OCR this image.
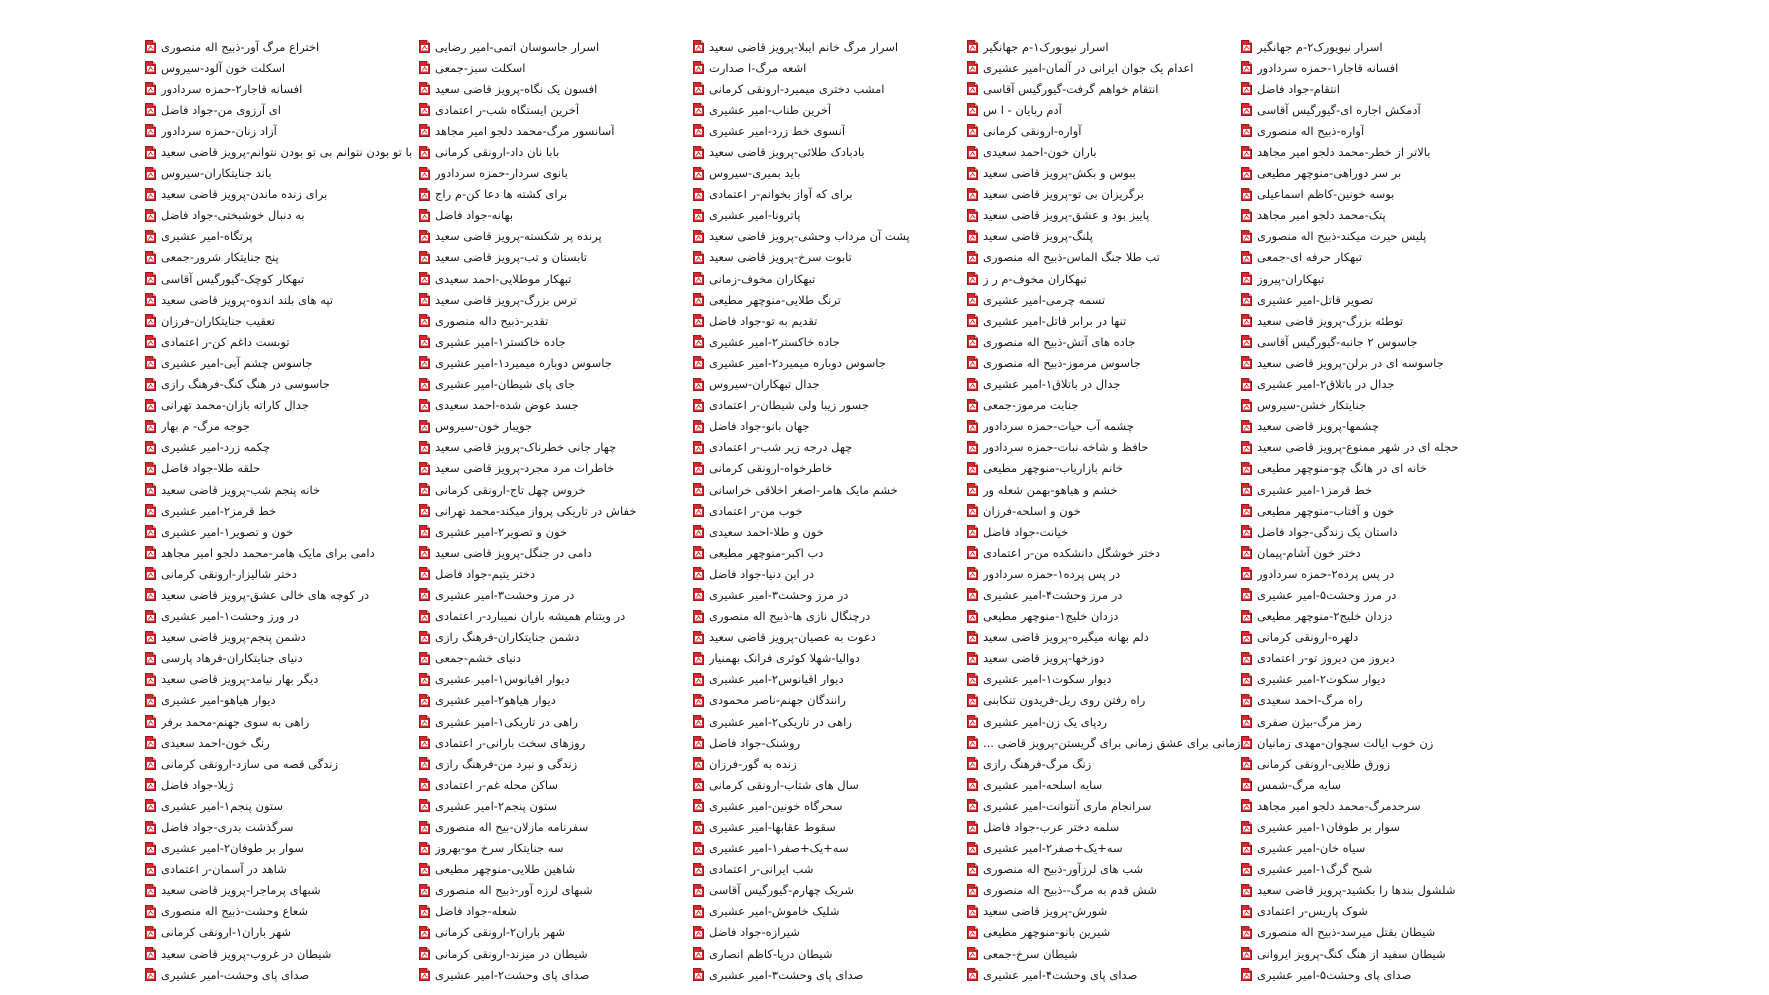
اختراع مرگ آور-ذبیح اله منصوری
اسکلت خون آلود-سیروس
افسانه قاجار۲-حمزه سردادور
ای آرزوی من-جواد فاضل
آزاد زنان-حمزه سردادور
با تو بودن نتوانم بی تو بودن نتوانم-پرویز قاضی سعید
باند جنایتکاران-سیروس
برای زنده ماندن-پرویز قاضی سعید
به دنبال خوشبختی-جواد فاضل
پرتگاه-امیر عشیری
پنج جنایتکار شرور-جمعی
تبهکار کوچک-گیورگیس آقاسی
تپه های بلند اندوه-پرویز قاضی سعید
تعقیب جنایتکاران-فرزان
توبست داغم کن-ر اعتمادی
جاسوس چشم آبی-امیر عشیری
جاسوسی در هنگ کنگ-فرهنگ رازی
جدال کاراته بازان-محمد تهرانی
جوجه مرگ- م بهار
چکمه زرد-امیر عشیری
حلقه طلا-جواد فاضل
خانه پنجم شب-پرویز قاضی سعید
خط قرمز۲-امیر عشیری
خون و تصویر۱-امیر عشیری
دامی برای مایک هامر-محمد دلجو امیر مجاهد
دختر شالیزار-ارونقی کرمانی
در کوچه های خالی عشق-پرویز قاضی سعید
در ورز وحشت۱-امیر عشیری
دشمن پنجم-پرویز قاضی سعید
دنیای جنایتکاران-فرهاد پارسی
دیگر بهار نیامد-پرویز قاضی سعید
دیوار هیاهو-امیر عشیری
راهی به سوی جهنم-محمد برفر
رنگ خون-احمد سعیدی
زندگی قصه می سازد-ارونقی کرمانی
ژیلا-جواد فاضل
ستون پنجم۱-امیر عشیری
سرگذشت بدری-جواد فاضل
سوار بر طوفان۲-امیر عشیری
شاهد در آسمان-ر اعتمادی
شبهای پرماجرا-پرویز قاضی سعید
شعاع وحشت-ذبیح اله منصوری
شهر باران۱-ارونقی کرمانی
شیطان در غروب-پرویز قاضی سعید
صدای پای وحشت-امیر عشیری
اسرار جاسوسان اتمی-امیر رضایی
اسکلت سبز-جمعی
افسون یک نگاه-پرویز قاضی سعید
آخرین ایستگاه شب-ر اعتمادی
آسانسور مرگ-محمد دلجو امیر مجاهد
بابا نان داد-ارونقی کرمانی
بانوی سردار-حمزه سردادور
برای کشته ها دعا کن-م راج
بهانه-جواد فاضل
پرنده پر شکسته-پرویز قاضی سعید
تابستان و تب-پرویز قاضی سعید
تبهکار موطلایی-احمد سعیدی
ترس بزرگ-پرویز قاضی سعید
تقدیر-ذبیح داله منصوری
جاده خاکستر۱-امیر عشیری
جاسوس دوباره میمیرد۱-امیر عشیری
جای پای شیطان-امیر عشیری
جسد عوض شده-احمد سعیدی
جویبار خون-سیروس
چهار جانی خطرناک-پرویز قاضی سعید
خاطرات مرد مجرد-پرویز قاضی سعید
خروس چهل تاج-ارونقی کرمانی
خفاش در تاریکی پرواز میکند-محمد تهرانی
خون و تصویر۲-امیر عشیری
دامی در جنگل-پرویز قاضی سعید
دختر یتیم-جواد فاضل
در مرز وحشت۳-امیر عشیری
در ویتنام همیشه باران نمیبارد-ر اعتمادی
دشمن جنایتکاران-فرهنگ رازی
دنیای خشم-جمعی
دیوار اقیانوس۱-امیر عشیری
دیوار هیاهو۲-امیر عشیری
راهی در تاریکی۱-امیر عشیری
روزهای سخت بارانی-ر اعتمادی
زندگی و نبرد من-فرهنگ رازی
ساکن محله غم-ر اعتمادی
ستون پنجم۲-امیر عشیری
سفرنامه مازلان-بیح اله منصوری
سه جنایتکار سرخ مو-بهروز
شاهین طلایی-منوچهر مطیعی
شبهای لرزه آور-ذبیح اله منصوری
شعله-جواد فاضل
شهر باران۲-ارونقی کرمانی
شیطان در میزند-ارونقی کرمانی
صدای پای وحشت۲-امیر عشیری
اسرار مرگ خانم ایبلا-پرویز قاضی سعید
اشعه مرگ-ا صدارت
امشب دختری میمیرد-ارونقی کرمانی
آخرین طناب-امیر عشیری
آنسوی خط زرد-امیر عشیری
بادبادک طلائی-پرویز قاضی سعید
باید بمیری-سیروس
برای که آواز بخوانم-ر اعتمادی
پاترونا-امیر عشیری
پشت آن مرداب وحشی-پرویز قاضی سعید
تابوت سرخ-پرویز قاضی سعید
تبهکاران مخوف-زمانی
ترنگ طلایی-منوچهر مطیعی
تقدیم به تو-جواد فاضل
جاده خاکستر۲-امیر عشیری
جاسوس دوباره میمیرد۲-امیر عشیری
جدال تبهکاران-سیروس
جسور زیبا ولی شیطان-ر اعتمادی
جهان بانو-جواد فاضل
چهل درجه زیر شب-ر اعتمادی
خاطرخواه-ارونقی کرمانی
خشم مایک هامر-اصغر اخلاقی خراسانی
خوب من-ر اعتمادی
خون و طلا-احمد سعیدی
دب اکبر-منوچهر مطیعی
در این دنیا-جواد فاضل
در مرز وحشت۳-امیر عشیری
درچنگال نازی ها-ذبیح اله منصوری
دعوت به عصیان-پرویز قاضی سعید
دوالیا-شهلا کوثری فرانک بهمنیار
دیوار اقیانوس۲-امیر عشیری
رانندگان جهنم-ناصر محمودی
راهی در تاریکی۲-امیر عشیری
روشنک-جواد فاضل
زنده به گور-فرزان
سال های شتاب-ارونقی کرمانی
سحرگاه خونین-امیر عشیری
سقوط عقابها-امیر عشیری
سه+یک+صفر۱-امیر عشیری
شب ایرانی-ر اعتمادی
شریک چهارم-گیورگیس آقاسی
شلیک خاموش-امیر عشیری
شیرازه-جواد فاضل
شیطان دریا-کاظم انصاری
صدای پای وحشت۳-امیر عشیری
اسرار نیویورک۱-م جهانگیر
اعدام یک جوان ایرانی در آلمان-امیر عشیری
انتقام خواهم گرفت-گیورگیس آقاسی
آدم ربایان - ا س
آواره-ارونقی کرمانی
باران خون-احمد سعیدی
ببوس و بکش-پرویز قاضی سعید
برگریزان بی تو-پرویز قاضی سعید
پاییز بود و عشق-پرویز قاضی سعید
پلنگ-پرویز قاضی سعید
تب طلا جنگ الماس-ذبیح اله منصوری
تبهکاران مخوف-م ر ز
تسمه چرمی-امیر عشیری
تنها در برابر قاتل-امیر عشیری
جاده های آتش-ذبیح اله منصوری
جاسوس مرموز-ذبیح اله منصوری
جدال در باتلاق۱-امیر عشیری
جنایت مرموز-جمعی
چشمه آب حیات-حمزه سردادور
حافظ و شاخه نبات-حمزه سردادور
خانم بازاریاب-منوچهر مطیعی
خشم و هیاهو-بهمن شعله ور
خون و اسلحه-فرزان
خیانت-جواد فاضل
دختر خوشگل دانشکده من-ر اعتمادی
در پس پرده۱-حمزه سردادور
در مرز وحشت۴-امیر عشیری
دزدان خلیج۱-منوچهر مطیعی
دلم بهانه میگیره-پرویز قاضی سعید
دوزخها-پرویز قاضی سعید
دیوار سکوت۱-امیر عشیری
راه رفتن روی ریل-فریدون تنکابنی
ردپای یک زن-امیر عشیری
زمانی برای عشق زمانی برای گریستن-پرویز قاضی ...
زنگ مرگ-فرهنگ رازی
سایه اسلحه-امیر عشیری
سرانجام ماری آنتوانت-امیر عشیری
سلمه دختر عرب-جواد فاضل
سه+یک+صفر۲-امیر عشیری
شب های لرزآور-ذبیح اله منصوری
شش قدم به مرگ--ذبیح اله منصوری
شورش-پرویز قاضی سعید
شیرین بانو-منوچهر مطیعی
شیطان سرخ-جمعی
صدای پای وحشت۴-امیر عشیری
اسرار نیویورک۲-م جهانگیر
افسانه قاجار۱-حمزه سردادور
انتقام-جواد فاضل
آدمکش اجاره ای-گیورگیس آقاسی
آواره-ذبیح اله منصوری
بالاتر از خطر-محمد دلجو امیر مجاهد
بر سر دوراهی-منوچهر مطیعی
بوسه خونین-کاظم اسماعیلی
پتک-محمد دلجو امیر مجاهد
پلیس حیرت میکند-ذبیح اله منصوری
تبهکار حرفه ای-جمعی
تبهکاران-پیروز
تصویر قاتل-امیر عشیری
توطئه بزرگ-پرویز قاضی سعید
جاسوس ۲ جانبه-گیورگیس آقاسی
جاسوسه ای در برلن-پرویز قاضی سعید
جدال در باتلاق۲-امیر عشیری
جنایتکار خشن-سیروس
چشمها-پرویز قاضی سعید
حجله ای در شهر ممنوع-پرویز قاضی سعید
خانه ای در هانگ چو-منوچهر مطیعی
خط قرمز۱-امیر عشیری
خون و آفتاب-منوچهر مطیعی
داستان یک زندگی-جواد فاضل
دختر خون آشام-پیمان
در پس پرده۲-حمزه سردادور
در مرز وحشت۵-امیر عشیری
دزدان خلیج۲-منوچهر مطیعی
دلهره-ارونقی کرمانی
دیروز من دیروز تو-ر اعتمادی
دیوار سکوت۲-امیر عشیری
راه مرگ-احمد سعیدی
رمز مرگ-بیژن صفری
زن خوب ایالت سچوان-مهدی زمانیان
زورق طلایی-ارونقی کرمانی
سایه مرگ-شمس
سرحدمرگ-محمد دلجو امیر مجاهد
سوار بر طوفان۱-امیر عشیری
سیاه خان-امیر عشیری
شبح گرگ۱-امیر عشیری
شلشول بندها را بکشید-پرویز قاضی سعید
شوک پاریس-ر اعتمادی
شیطان بقتل میرسد-ذبیح اله منصوری
شیطان سفید از هنگ کنگ-پرویز ایروانی
صدای پای وحشت۵-امیر عشیری
